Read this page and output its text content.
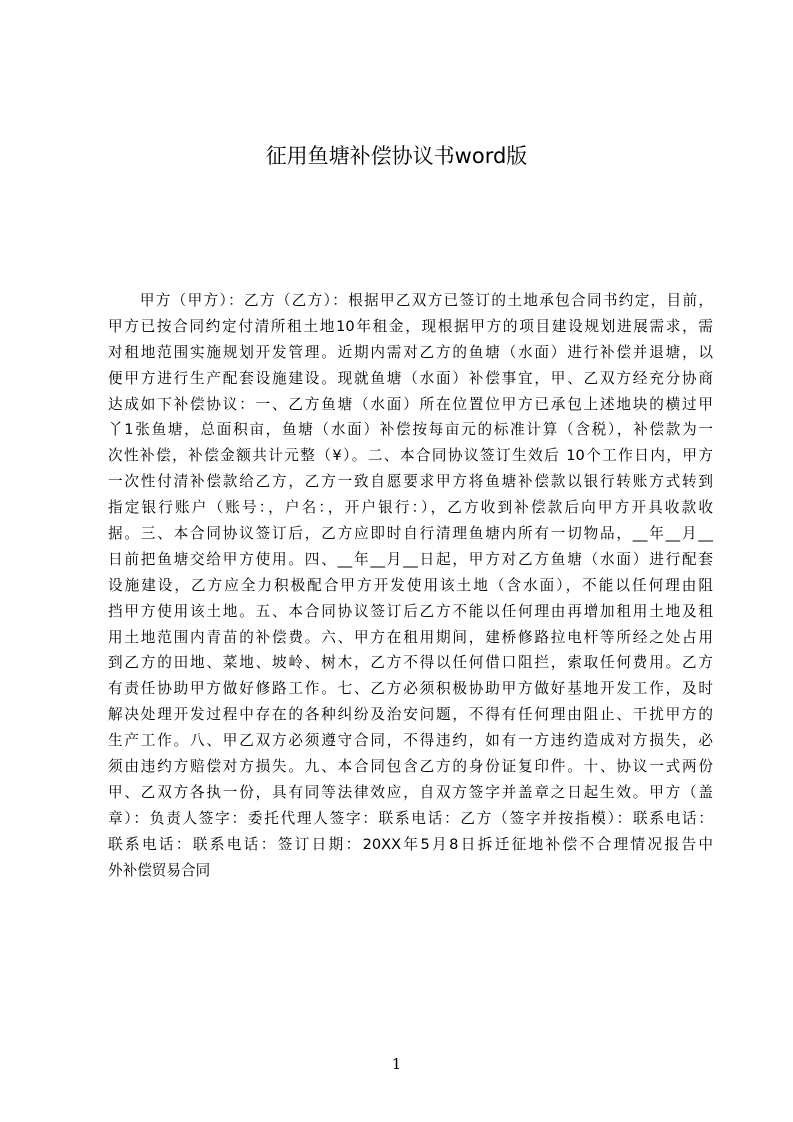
征用鱼塘补偿协议书word版
　　甲方（甲方）：乙方（乙方）：根据甲乙双方已签订的土地承包合同书约定，目前，
甲方已按合同约定付清所租土地10年租金，现根据甲方的项目建设规划进展需求，需
对租地范围实施规划开发管理。近期内需对乙方的鱼塘（水面）进行补偿并退塘，以
便甲方进行生产配套设施建设。现就鱼塘（水面）补偿事宜，甲、乙双方经充分协商
达成如下补偿协议：一、乙方鱼塘（水面）所在位置位甲方已承包上述地块的横过甲
丫1张鱼塘，总面积亩，鱼塘（水面）补偿按每亩元的标准计算（含税），补偿款为一
次性补偿，补偿金额共计元整（¥）。二、本合同协议签订生效后 10个工作日内，甲方
一次性付清补偿款给乙方，乙方一致自愿要求甲方将鱼塘补偿款以银行转账方式转到
指定银行账户（账号：，户名：，开户银行：），乙方收到补偿款后向甲方开具收款收
据。三、本合同协议签订后，乙方应即时自行清理鱼塘内所有一切物品，__年__月__
日前把鱼塘交给甲方使用。四、__年__月__日起，甲方对乙方鱼塘（水面）进行配套
设施建设，乙方应全力积极配合甲方开发使用该土地（含水面），不能以任何理由阻
挡甲方使用该土地。五、本合同协议签订后乙方不能以任何理由再增加租用土地及租
用土地范围内青苗的补偿费。六、甲方在租用期间，建桥修路拉电杆等所经之处占用
到乙方的田地、菜地、坡岭、树木，乙方不得以任何借口阻拦，索取任何费用。乙方
有责任协助甲方做好修路工作。七、乙方必须积极协助甲方做好基地开发工作，及时
解决处理开发过程中存在的各种纠纷及治安问题，不得有任何理由阻止、干扰甲方的
生产工作。八、甲乙双方必须遵守合同，不得违约，如有一方违约造成对方损失，必
须由违约方赔偿对方损失。九、本合同包含乙方的身份证复印件。十、协议一式两份
甲、乙双方各执一份，具有同等法律效应，自双方签字并盖章之日起生效。甲方（盖
章）：负责人签字：委托代理人签字：联系电话：乙方（签字并按指模）：联系电话：
联系电话：联系电话：签订日期：20XX年5月8日拆迁征地补偿不合理情况报告中
外补偿贸易合同
1
